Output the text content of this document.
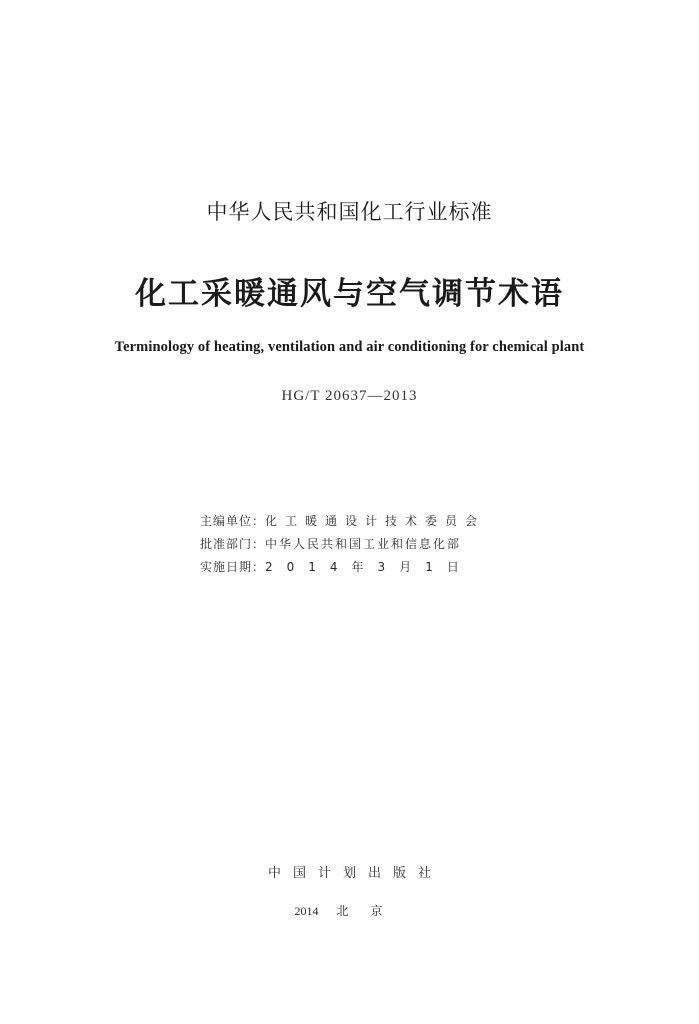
中华人民共和国化工行业标准
化工采暖通风与空气调节术语
Terminology of heating, ventilation and air conditioning for chemical plant
HG/T 20637—2013
主编单位：化工暖通设计技术委员会
批准部门：中华人民共和国工业和信息化部
实施日期：2014年3月1日
中国计划出版社
2014 北京
